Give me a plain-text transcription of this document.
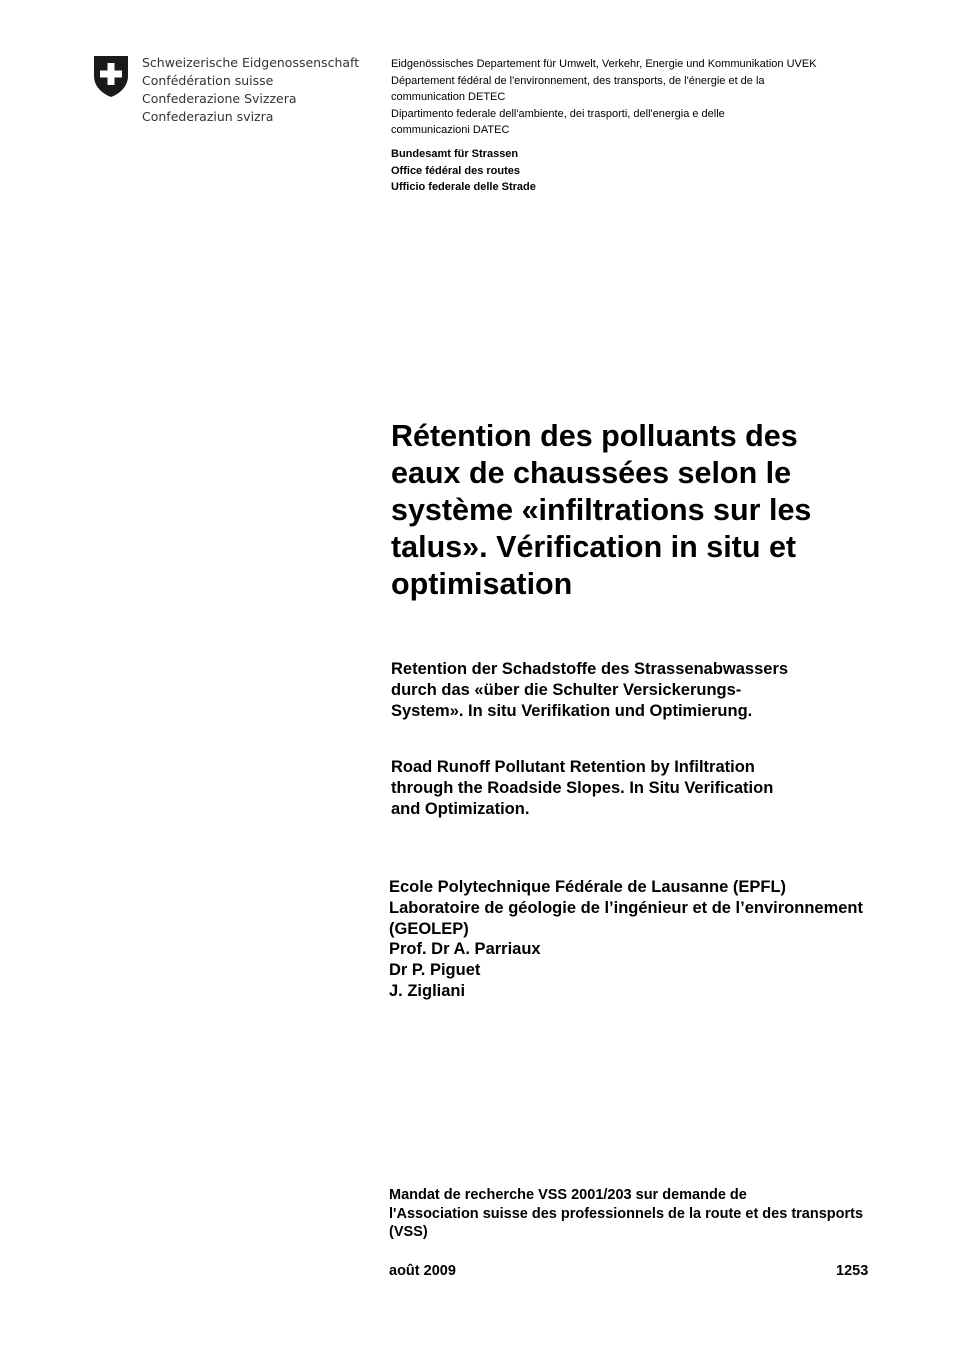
Schweizerische Eidgenossenschaft
Confédération suisse
Confederazione Svizzera
Confederaziun svizra
Eidgenössisches Departement für Umwelt, Verkehr, Energie und Kommunikation UVEK
Département fédéral de l'environnement, des transports, de l'énergie et de la
communication DETEC
Dipartimento federale dell'ambiente, dei trasporti, dell'energia e delle
communicazioni DATEC
Bundesamt für Strassen
Office fédéral des routes
Ufficio federale delle Strade
Rétention des polluants des
eaux de chaussées selon le
système «infiltrations sur les
talus». Vérification in situ et
optimisation
Retention der Schadstoffe des Strassenabwassers
durch das «über die Schulter Versickerungs-
System». In situ Verifikation und Optimierung.
Road Runoff Pollutant Retention by Infiltration
through the Roadside Slopes. In Situ Verification
and Optimization.
Ecole Polytechnique Fédérale de Lausanne (EPFL)
Laboratoire de géologie de l’ingénieur et de l’environnement
(GEOLEP)
Prof. Dr A. Parriaux
Dr P. Piguet
J. Zigliani
Mandat de recherche VSS 2001/203 sur demande de
l'Association suisse des professionnels de la route et des transports
(VSS)
août 2009	1253
